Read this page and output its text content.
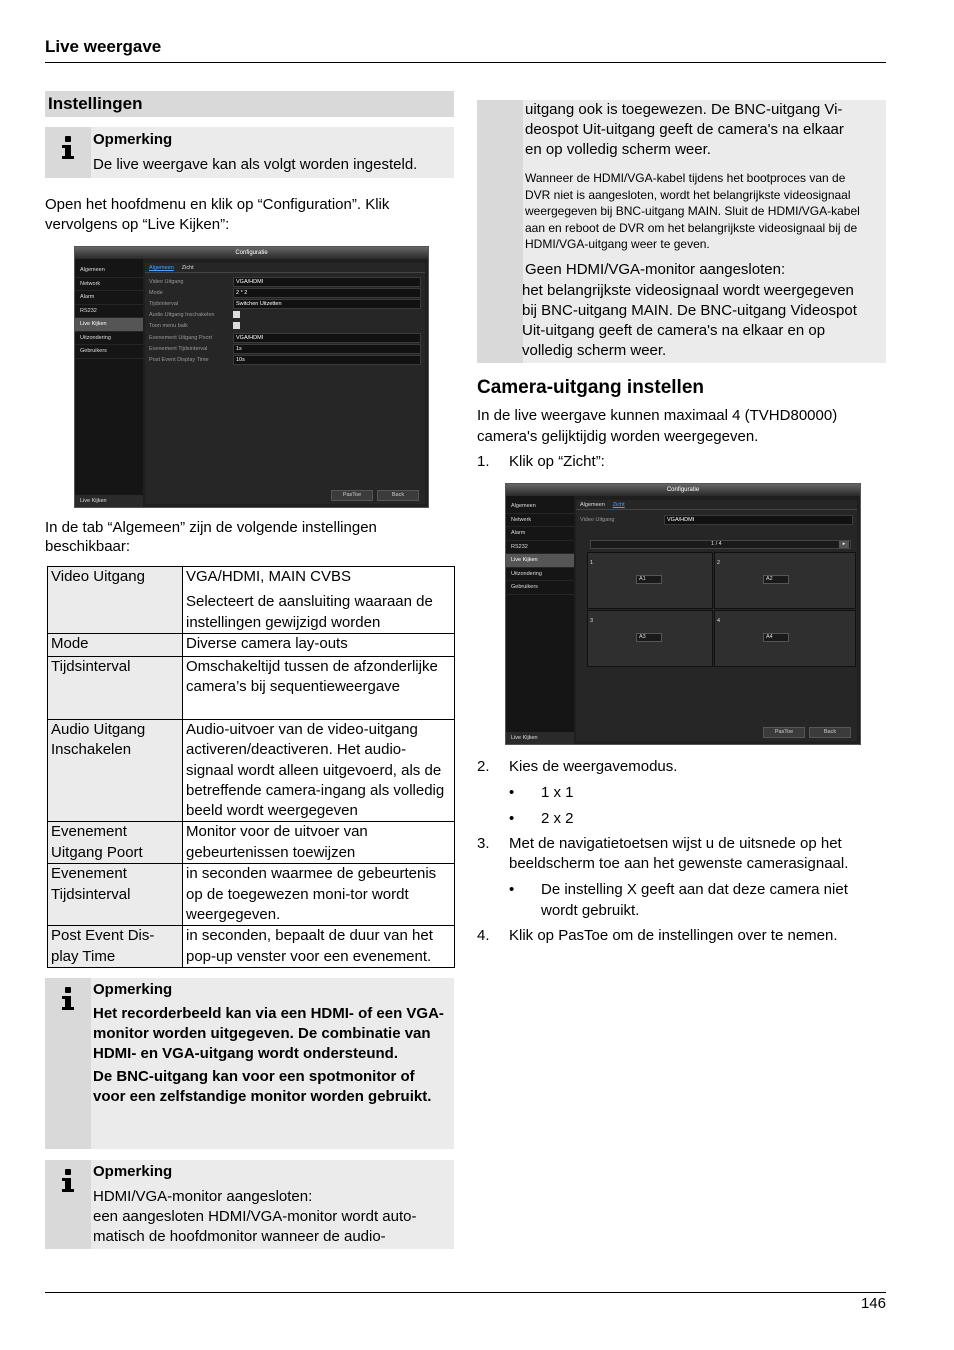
Live weergave
Instellingen
Opmerking
De live weergave kan als volgt worden ingesteld.
Open het hoofdmenu en klik op “Configuration”. Klik
vervolgens op “Live Kijken”:
Configuratie
Algemeen
Network
Alarm
RS232
Live Kijken
Uitzondering
Gebruikers
Live Kijken
Algemeen Zicht
Video Uitgang	VGA/HDMI
Mode	2 * 2
Tijdsinterval	Switchen Uitzetten
Audio Uitgang Inschakelen
Toon menu balk
Evenement Uitgang Poort	VGA/HDMI
Evenement Tijdsinterval	1s
Post Event Display Time	10s
PasToe	Back
In de tab “Algemeen” zijn de volgende instellingen
beschikbaar:
Video Uitgang	VGA/HDMI, MAIN CVBS
Selecteert de aansluiting waaraan de instellingen gewijzigd worden

Mode	Diverse camera lay-outs
Tijdsinterval	Omschakeltijd tussen de afzonderlijke camera’s bij sequentieweergave
Audio Uitgang Inschakelen	Audio-uitvoer van de video-uitgang activeren/deactiveren. Het audio-signaal wordt alleen uitgevoerd, als de betreffende camera-ingang als volledig beeld wordt weergegeven
Evenement Uitgang Poort	Monitor voor de uitvoer van gebeurtenissen toewijzen
Evenement Tijdsinterval	in seconden waarmee de gebeurtenis op de toegewezen moni-tor wordt weergegeven.
Post Event Dis-play Time	in seconden, bepaalt de duur van het pop-up venster voor een evenement.
Opmerking
Het recorderbeeld kan via een HDMI- of een VGA-monitor worden uitgegeven. De combinatie van HDMI- en VGA-uitgang wordt ondersteund.
De BNC-uitgang kan voor een spotmonitor of voor een zelfstandige monitor worden gebruikt.
Opmerking
HDMI/VGA-monitor aangesloten:
een aangesloten HDMI/VGA-monitor wordt auto-
matisch de hoofdmonitor wanneer de audio-
uitgang ook is toegewezen. De BNC-uitgang Vi-
deospot Uit-uitgang geeft de camera's na elkaar
en op volledig scherm weer.
Wanneer de HDMI/VGA-kabel tijdens het bootproces van de
DVR niet is aangesloten, wordt het belangrijkste videosignaal
weergegeven bij BNC-uitgang MAIN. Sluit de HDMI/VGA-kabel
aan en reboot de DVR om het belangrijkste videosignaal bij de
HDMI/VGA-uitgang weer te geven.
Geen HDMI/VGA-monitor aangesloten:
het belangrijkste videosignaal wordt weergegeven
bij BNC-uitgang MAIN. De BNC-uitgang Videospot
Uit-uitgang geeft de camera's na elkaar en op
volledig scherm weer.
Camera-uitgang instellen
In de live weergave kunnen maximaal 4 (TVHD80000)
camera's gelijktijdig worden weergegeven.
1. Klik op “Zicht”:
Configuratie
Algemeen
Netwerk
Alarm
RS232
Live Kijken
Uitzondering
Gebruikers
Live Kijken
Algemeen Zicht
Video Uitgang	VGA/HDMI
1 / 4	▸
1
A1
2
A2
3
A3
4
A4
PasToe	Back
2. Kies de weergavemodus.
• 1 x 1
• 2 x 2
3. Met de navigatietoetsen wijst u de uitsnede op het
beeldscherm toe aan het gewenste camerasignaal.
• De instelling X geeft aan dat deze camera niet
wordt gebruikt.
4. Klik op PasToe om de instellingen over te nemen.
146
